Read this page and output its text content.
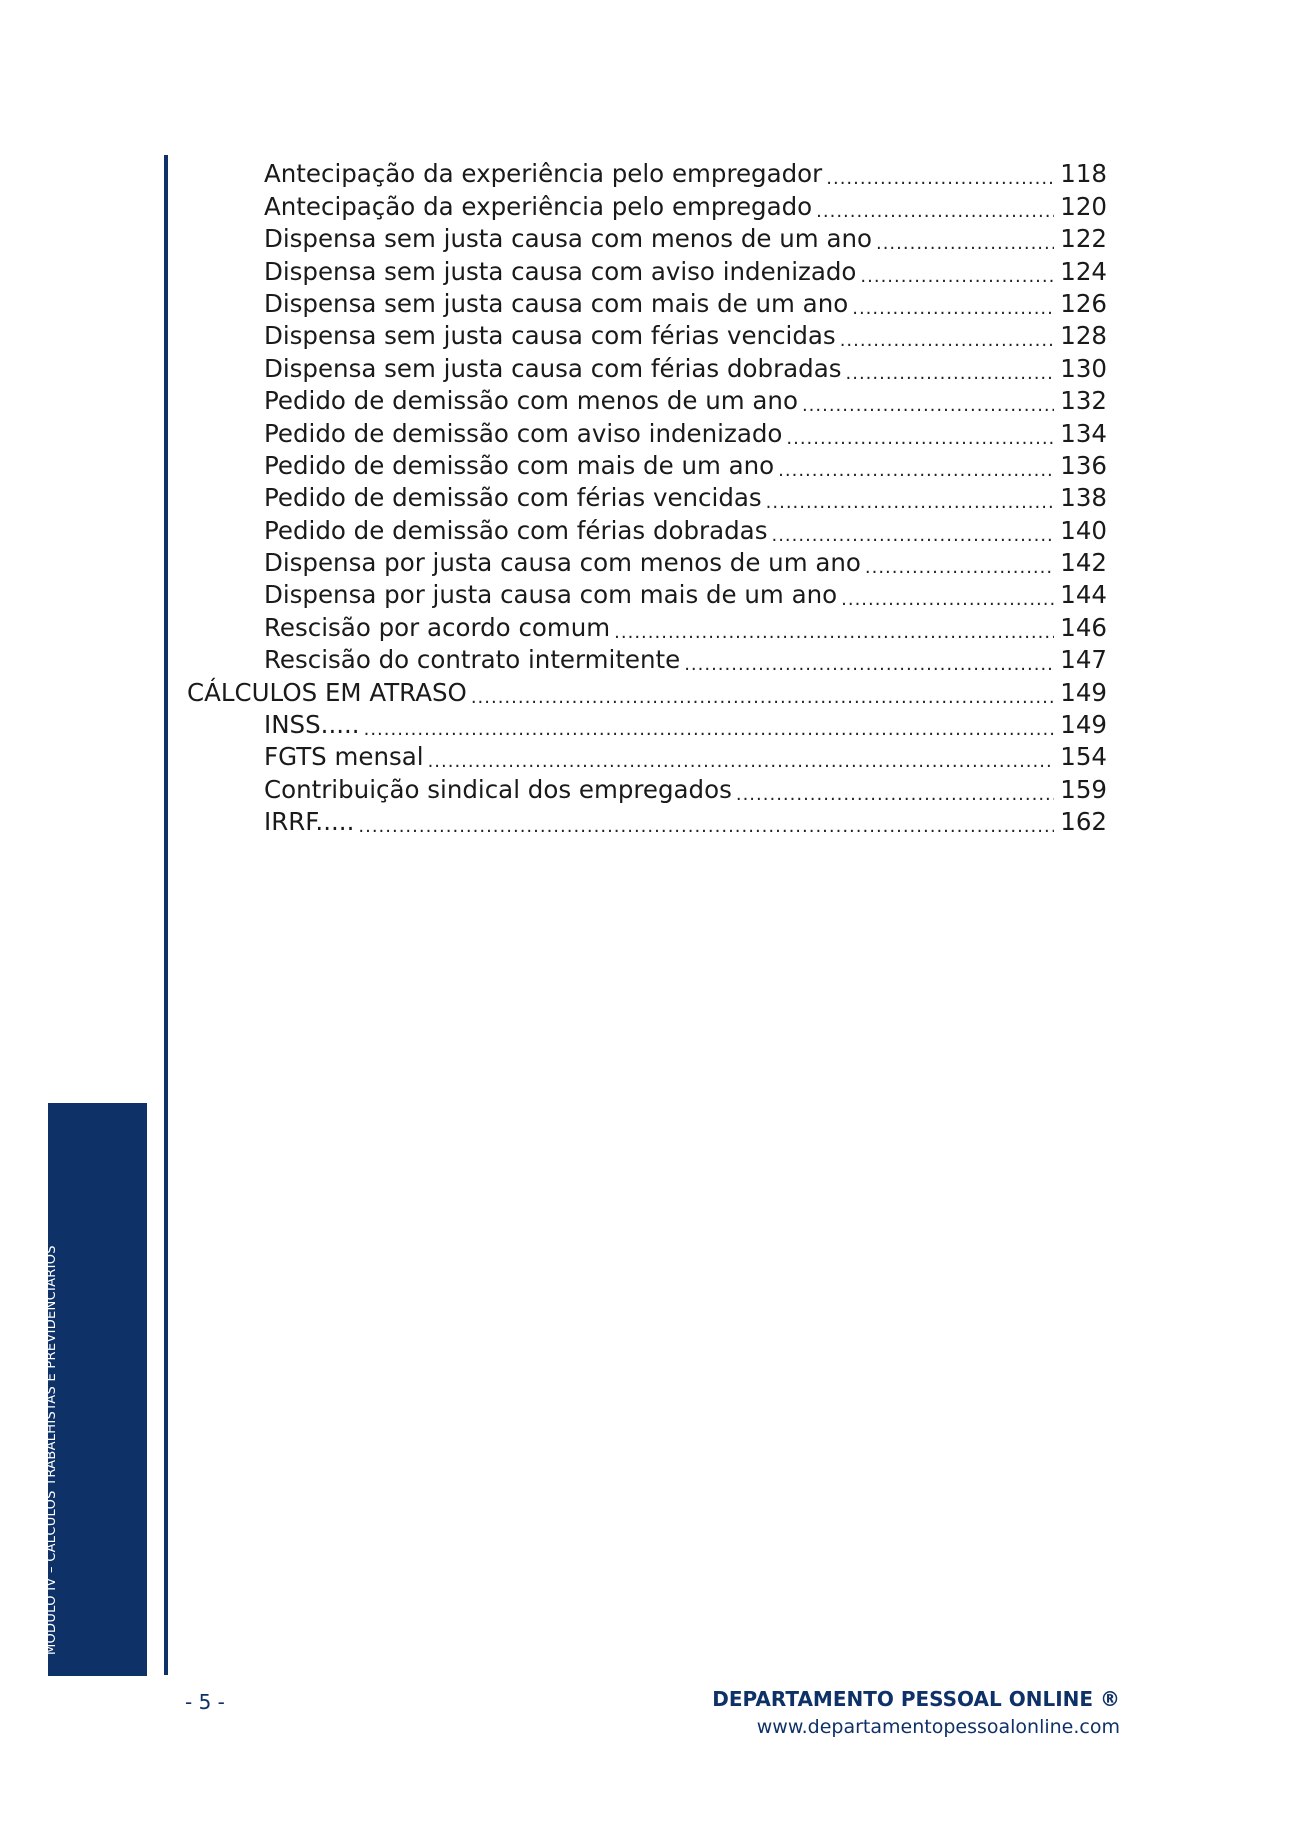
Antecipação da experiência pelo empregador .....	118
Antecipação da experiência pelo empregado .....	120
Dispensa sem justa causa com menos de um ano .....	122
Dispensa sem justa causa com aviso indenizado .....	124
Dispensa sem justa causa com mais de um ano .....	126
Dispensa sem justa causa com férias vencidas .....	128
Dispensa sem justa causa com férias dobradas .....	130
Pedido de demissão com menos de um ano .....	132
Pedido de demissão com aviso indenizado .....	134
Pedido de demissão com mais de um ano .....	136
Pedido de demissão com férias vencidas .....	138
Pedido de demissão com férias dobradas .....	140
Dispensa por justa causa com menos de um ano .....	142
Dispensa por justa causa com mais de um ano .....	144
Rescisão por acordo comum .....	146
Rescisão do contrato intermitente .....	147
CÁLCULOS EM ATRASO .....	149
INSS..... .....	149
FGTS mensal .....	154
Contribuição sindical dos empregados .....	159
IRRF..... .....	162
CURSO DE DEPARTAMENTO PESSOAL MÓDULO IV – CÁLCULOS TRABALHISTAS E PREVIDENCIÁRIOS
- 5 -	DEPARTAMENTO PESSOAL ONLINE ®
www.departamentopessoalonline.com
